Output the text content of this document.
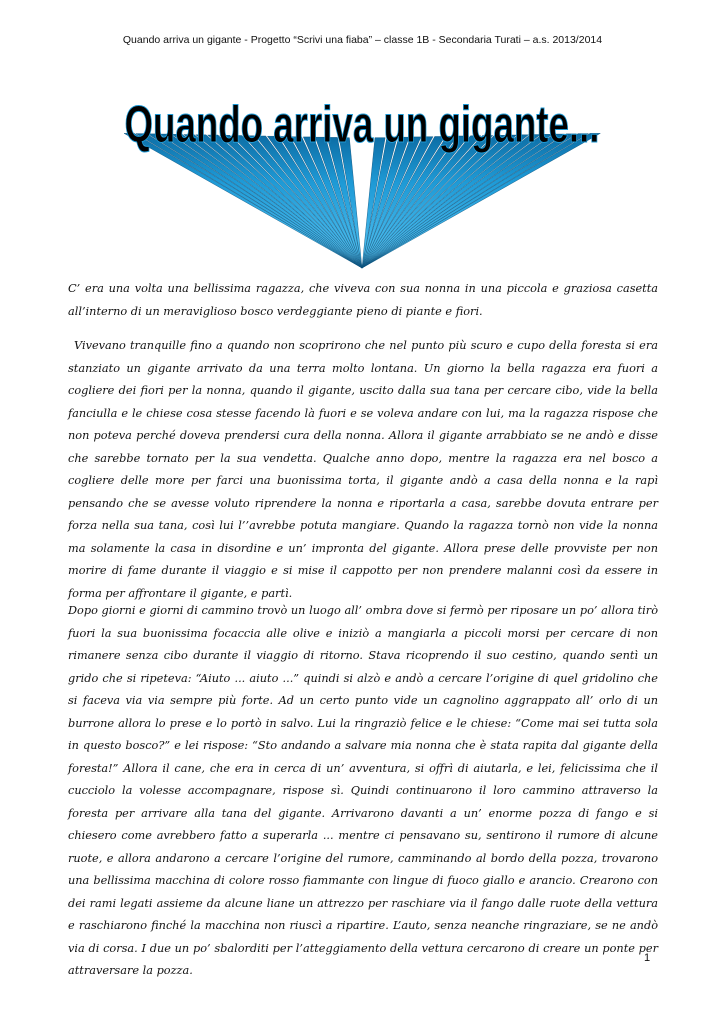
Quando arriva un gigante - Progetto “Scrivi una fiaba” – classe 1B - Secondaria Turati – a.s. 2013/2014
Quando arriva un gigante...

C’ era una volta una bellissima ragazza, che viveva con sua nonna in una piccola e graziosa casetta all’interno di un meraviglioso bosco verdeggiante pieno di piante e fiori.

Vivevano tranquille fino a quando non scoprirono che nel punto più scuro e cupo della foresta si era stanziato un gigante arrivato da una terra molto lontana. Un giorno la bella ragazza era fuori a cogliere dei fiori per la nonna, quando il gigante, uscito dalla sua tana per cercare cibo, vide la bella fanciulla e le chiese cosa stesse facendo là fuori e se voleva andare con lui, ma la ragazza rispose che non poteva perché doveva prendersi cura della nonna. Allora il gigante arrabbiato se ne andò e disse che sarebbe tornato per la sua vendetta. Qualche anno dopo, mentre la ragazza era nel bosco a cogliere delle more per farci una buonissima torta, il gigante andò a casa della nonna e la rapì pensando che se avesse voluto riprendere la nonna e riportarla a casa, sarebbe dovuta entrare per forza nella sua tana, così lui l’’avrebbe potuta mangiare. Quando la ragazza tornò non vide la nonna ma solamente la casa in disordine e un’ impronta del gigante. Allora prese delle provviste per non morire di fame durante il viaggio e si mise il cappotto per non prendere malanni così da essere in forma per affrontare il gigante, e partì.

Dopo giorni e giorni di cammino trovò un luogo all’ ombra dove si fermò per riposare un po’ allora tirò fuori la sua buonissima focaccia alle olive e iniziò a mangiarla a piccoli morsi per cercare di non rimanere senza cibo durante il viaggio di ritorno. Stava ricoprendo il suo cestino, quando sentì un grido che si ripeteva: “Aiuto ... aiuto ...” quindi si alzò e andò a cercare l’origine di quel gridolino che si faceva via via sempre più forte. Ad un certo punto vide un cagnolino aggrappato all’ orlo di un burrone allora lo prese e lo portò in salvo. Lui la ringraziò felice e le chiese: “Come mai sei tutta sola in questo bosco?” e lei rispose: “Sto andando a salvare mia nonna che è stata rapita dal gigante della foresta!” Allora il cane, che era in cerca di un’ avventura, si offrì di aiutarla, e lei, felicissima che il cucciolo la volesse accompagnare, rispose sì. Quindi continuarono il loro cammino attraverso la foresta per arrivare alla tana del gigante. Arrivarono davanti a un’ enorme pozza di fango e si chiesero come avrebbero fatto a superarla ... mentre ci pensavano su, sentirono il rumore di alcune ruote, e allora andarono a cercare l’origine del rumore, camminando al bordo della pozza, trovarono una bellissima macchina di colore rosso fiammante con lingue di fuoco giallo e arancio. Crearono con dei rami legati assieme da alcune liane un attrezzo per raschiare via il fango dalle ruote della vettura e raschiarono finché la macchina non riuscì a ripartire. L’auto, senza neanche ringraziare, se ne andò via di corsa. I due un po’ sbalorditi per l’atteggiamento della vettura cercarono di creare un ponte per attraversare la pozza.

1
